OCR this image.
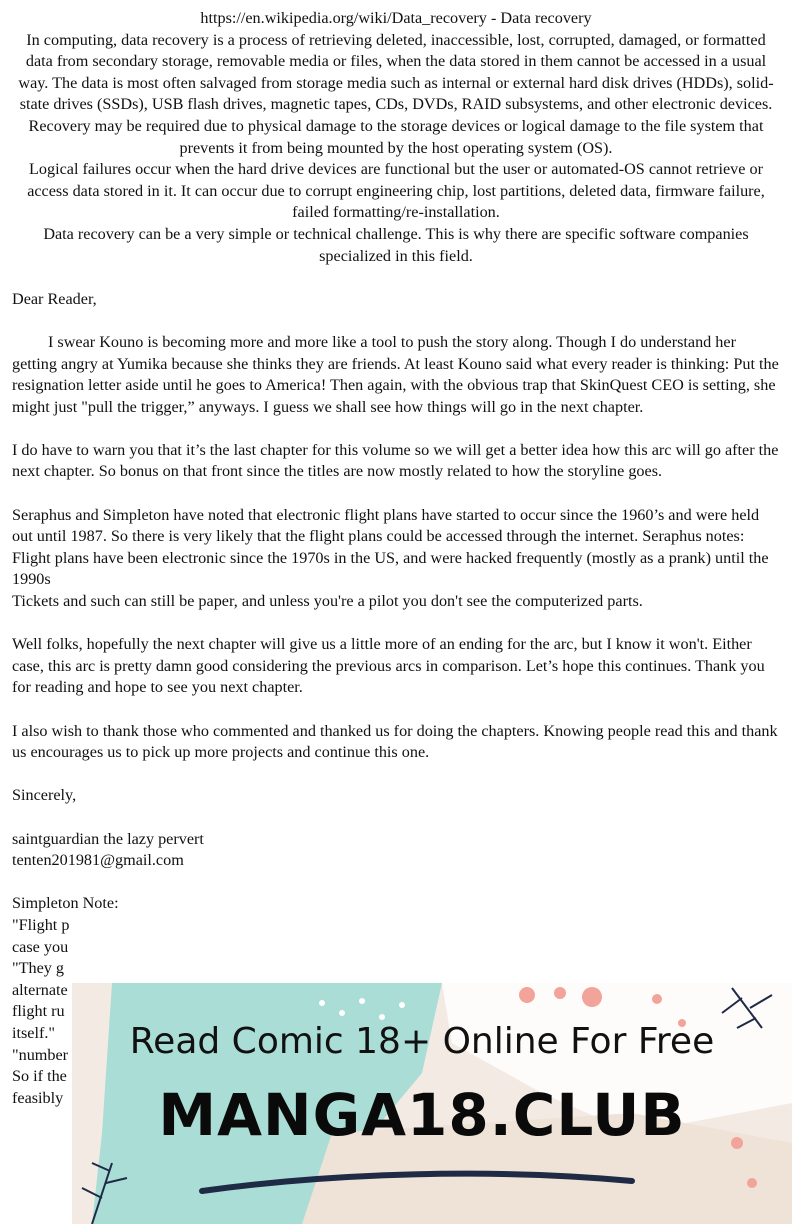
https://en.wikipedia.org/wiki/Data_recovery - Data recovery

In computing, data recovery is a process of retrieving deleted, inaccessible, lost, corrupted, damaged, or formatted data from secondary storage, removable media or files, when the data stored in them cannot be accessed in a usual way. The data is most often salvaged from storage media such as internal or external hard disk drives (HDDs), solid-state drives (SSDs), USB flash drives, magnetic tapes, CDs, DVDs, RAID subsystems, and other electronic devices. Recovery may be required due to physical damage to the storage devices or logical damage to the file system that prevents it from being mounted by the host operating system (OS).

Logical failures occur when the hard drive devices are functional but the user or automated-OS cannot retrieve or access data stored in it. It can occur due to corrupt engineering chip, lost partitions, deleted data, firmware failure, failed formatting/re-installation.

Data recovery can be a very simple or technical challenge. This is why there are specific software companies specialized in this field.

Dear Reader,

I swear Kouno is becoming more and more like a tool to push the story along. Though I do understand her getting angry at Yumika because she thinks they are friends. At least Kouno said what every reader is thinking: Put the resignation letter aside until he goes to America! Then again, with the obvious trap that SkinQuest CEO is setting, she might just "pull the trigger,” anyways. I guess we shall see how things will go in the next chapter.

I do have to warn you that it’s the last chapter for this volume so we will get a better idea how this arc will go after the next chapter. So bonus on that front since the titles are now mostly related to how the storyline goes.

Seraphus and Simpleton have noted that electronic flight plans have started to occur since the 1960’s and were held out until 1987. So there is very likely that the flight plans could be accessed through the internet. Seraphus notes: Flight plans have been electronic since the 1970s in the US, and were hacked frequently (mostly as a prank) until the 1990s

Tickets and such can still be paper, and unless you're a pilot you don't see the computerized parts.

Well folks, hopefully the next chapter will give us a little more of an ending for the arc, but I know it won't. Either case, this arc is pretty damn good considering the previous arcs in comparison. Let’s hope this continues. Thank you for reading and hope to see you next chapter.

I also wish to thank those who commented and thanked us for doing the chapters. Knowing people read this and thank us encourages us to pick up more projects and continue this one.

Sincerely,

saintguardian the lazy pervert

tenten201981@gmail.com

Simpleton Note:

"Flight p

case you

"They g

alternate

flight ru

itself."

"number

So if the

feasibly

Read Comic 18+ Online For Free
MANGA18.CLUB
